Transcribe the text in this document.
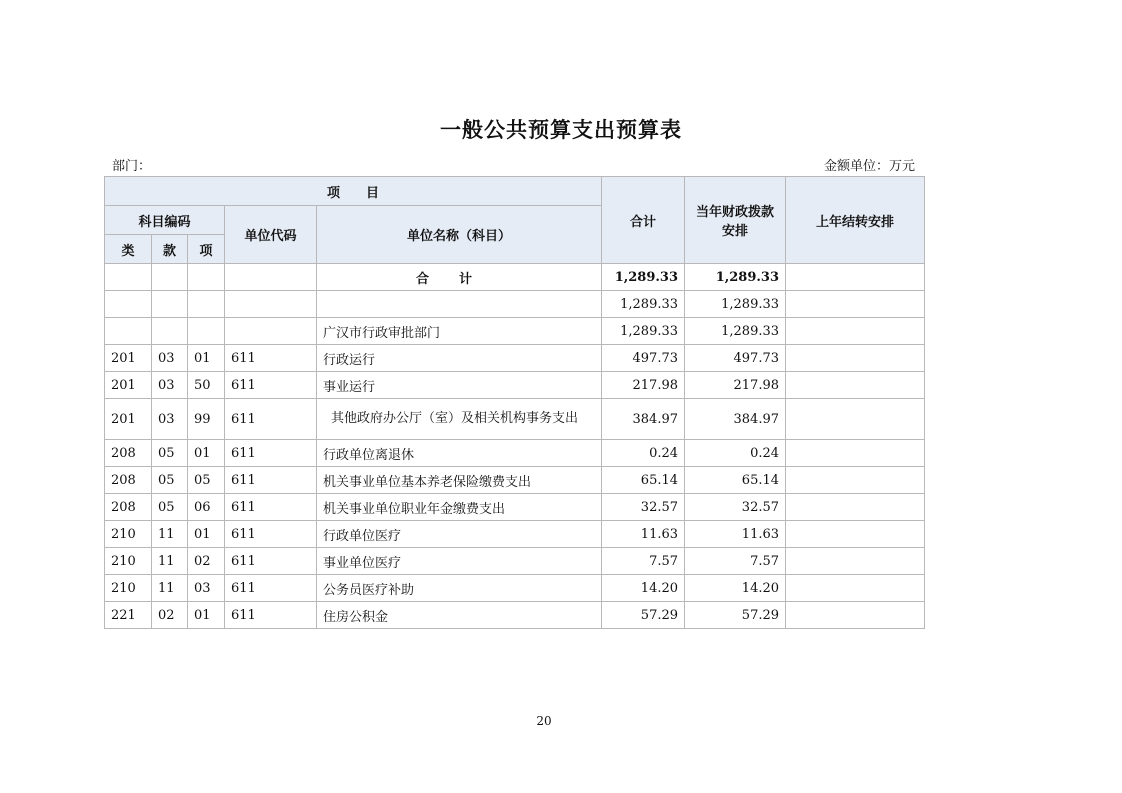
一般公共预算支出预算表
部门：	金额单位：万元
项　　目					合计	当年财政拨款安排	上年结转安排
科目编码			单位代码	单位名称（科目）			
类	款	项					
				合计	1,289.33	1,289.33	
					1,289.33	1,289.33	
				广汉市行政审批部门	1,289.33	1,289.33	
201	03	01	611	行政运行	497.73	497.73	
201	03	50	611	事业运行	217.98	217.98	
201	03	99	611	其他政府办公厅（室）及相关机构事务支出	384.97	384.97	
208	05	01	611	行政单位离退休	0.24	0.24	
208	05	05	611	机关事业单位基本养老保险缴费支出	65.14	65.14	
208	05	06	611	机关事业单位职业年金缴费支出	32.57	32.57	
210	11	01	611	行政单位医疗	11.63	11.63	
210	11	02	611	事业单位医疗	7.57	7.57	
210	11	03	611	公务员医疗补助	14.20	14.20	
221	02	01	611	住房公积金	57.29	57.29	
20
